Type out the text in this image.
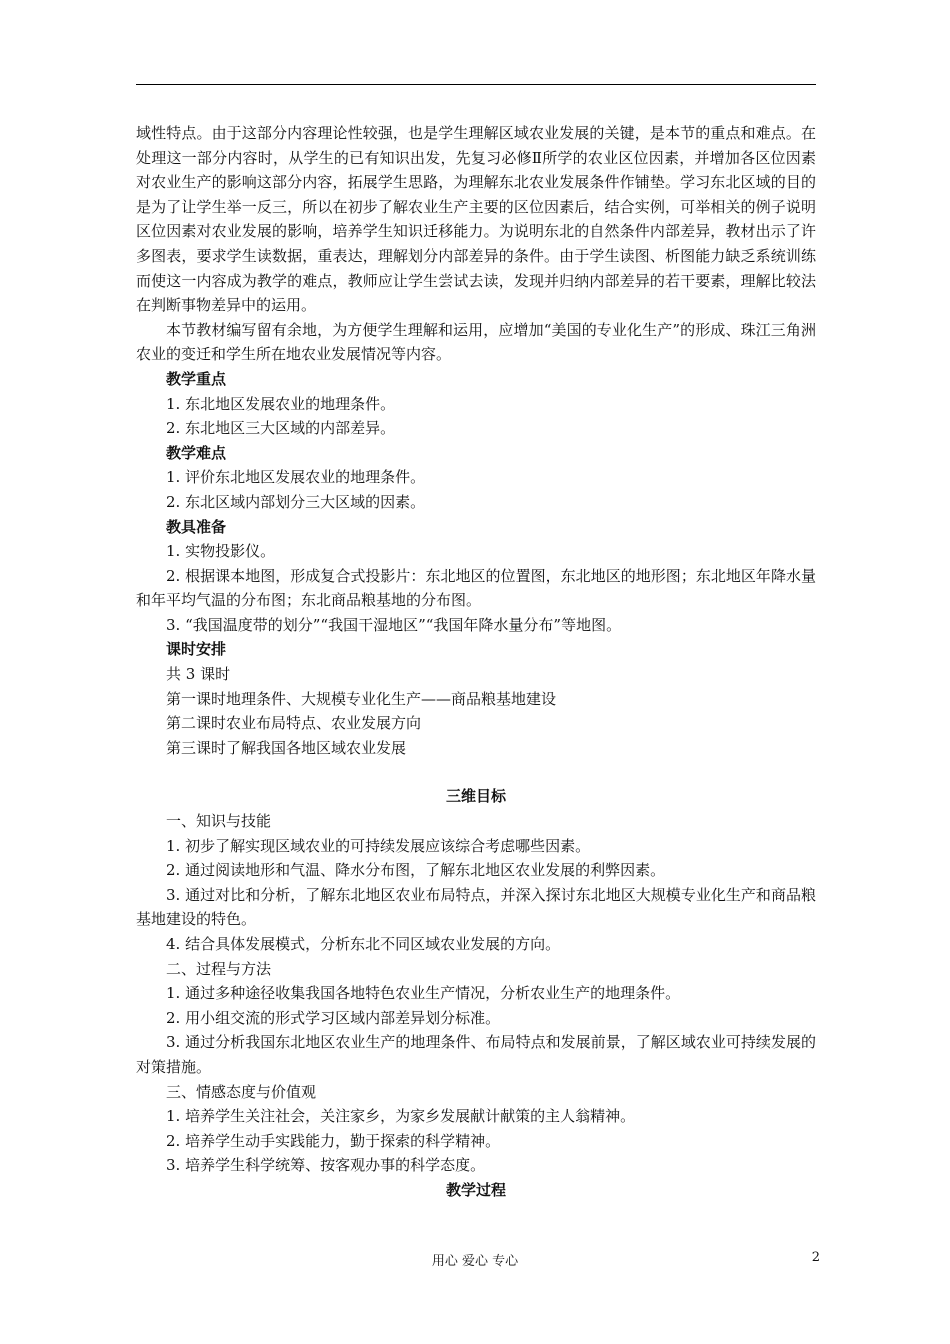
域性特点。由于这部分内容理论性较强，也是学生理解区域农业发展的关键，是本节的重点和难点。在处理这一部分内容时，从学生的已有知识出发，先复习必修Ⅱ所学的农业区位因素，并增加各区位因素对农业生产的影响这部分内容，拓展学生思路，为理解东北农业发展条件作铺垫。学习东北区域的目的是为了让学生举一反三，所以在初步了解农业生产主要的区位因素后，结合实例，可举相关的例子说明区位因素对农业发展的影响，培养学生知识迁移能力。为说明东北的自然条件内部差异，教材出示了许多图表，要求学生读数据，重表达，理解划分内部差异的条件。由于学生读图、析图能力缺乏系统训练而使这一内容成为教学的难点，教师应让学生尝试去读，发现并归纳内部差异的若干要素，理解比较法在判断事物差异中的运用。

本节教材编写留有余地，为方便学生理解和运用，应增加“美国的专业化生产”的形成、珠江三角洲农业的变迁和学生所在地农业发展情况等内容。

教学重点

1. 东北地区发展农业的地理条件。

2. 东北地区三大区域的内部差异。

教学难点

1. 评价东北地区发展农业的地理条件。

2. 东北区域内部划分三大区域的因素。

教具准备

1. 实物投影仪。

2. 根据课本地图，形成复合式投影片：东北地区的位置图，东北地区的地形图；东北地区年降水量和年平均气温的分布图；东北商品粮基地的分布图。

3. “我国温度带的划分”“我国干湿地区”“我国年降水量分布”等地图。

课时安排

共 3 课时

第一课时地理条件、大规模专业化生产——商品粮基地建设

第二课时农业布局特点、农业发展方向

第三课时了解我国各地区域农业发展

三维目标

一、知识与技能

1. 初步了解实现区域农业的可持续发展应该综合考虑哪些因素。

2. 通过阅读地形和气温、降水分布图，了解东北地区农业发展的利弊因素。

3. 通过对比和分析，了解东北地区农业布局特点，并深入探讨东北地区大规模专业化生产和商品粮基地建设的特色。

4. 结合具体发展模式，分析东北不同区域农业发展的方向。

二、过程与方法

1. 通过多种途径收集我国各地特色农业生产情况，分析农业生产的地理条件。

2. 用小组交流的形式学习区域内部差异划分标准。

3. 通过分析我国东北地区农业生产的地理条件、布局特点和发展前景，了解区域农业可持续发展的对策措施。

三、情感态度与价值观

1. 培养学生关注社会，关注家乡，为家乡发展献计献策的主人翁精神。

2. 培养学生动手实践能力，勤于探索的科学精神。

3. 培养学生科学统筹、按客观办事的科学态度。

教学过程

用心 爱心 专心	2
